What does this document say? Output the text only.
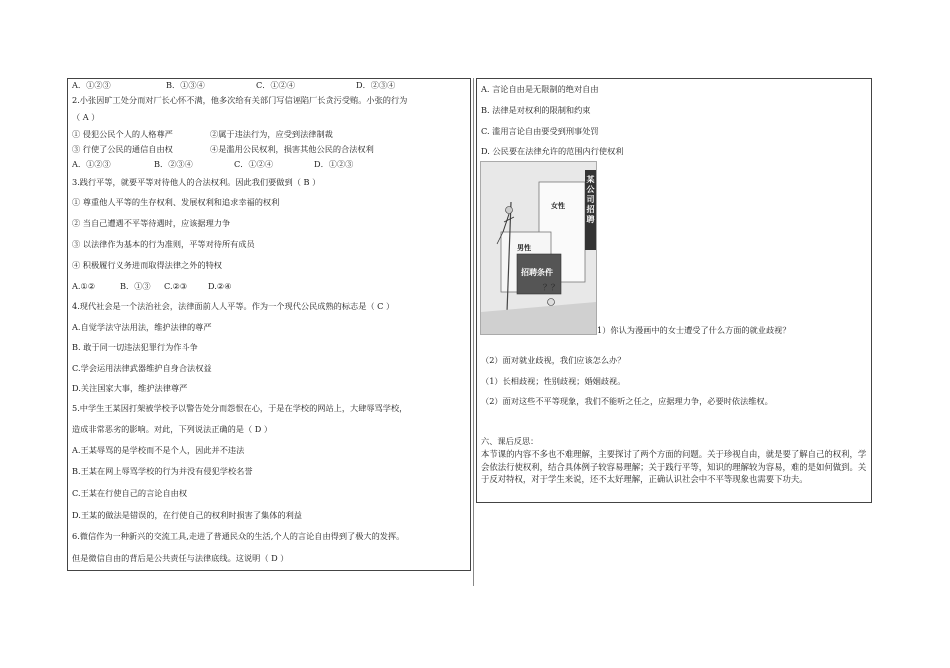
A．①②③	B．①③④	C．①②④	D．②③④
2.小张因旷工处分而对厂长心怀不满，他多次给有关部门写信诬陷厂长贪污受贿。小张的行为
（ A ）
① 侵犯公民个人的人格尊严	②属于违法行为，应受到法律制裁
③ 行使了公民的通信自由权	④是滥用公民权利，损害其他公民的合法权利
A．①②③	B．②③④	C．①②④	D．①②③
3.践行平等，就要平等对待他人的合法权利。因此我们要做到（ B ）
① 尊重他人平等的生存权利、发展权利和追求幸福的权利
② 当自己遭遇不平等待遇时，应该据理力争
③ 以法律作为基本的行为准则，平等对待所有成员
④ 积极履行义务进而取得法律之外的特权
A.①②	B．①③ C.②③	D.②④
4.现代社会是一个法治社会，法律面前人人平等。作为一个现代公民成熟的标志是（ C ）
A.自觉学法守法用法，维护法律的尊严
B. 敢于同一切违法犯罪行为作斗争
C.学会运用法律武器维护自身合法权益
D.关注国家大事，维护法律尊严
5.中学生王某因打架被学校予以警告处分而怨恨在心，于是在学校的网站上，大肆辱骂学校，
造成非常恶劣的影响。对此，下列说法正确的是（ D ）
A.王某辱骂的是学校而不是个人，因此并不违法
B.王某在网上辱骂学校的行为并没有侵犯学校名誉
C.王某在行使自己的言论自由权
D.王某的做法是错误的，在行使自己的权利时损害了集体的利益
6.微信作为一种新兴的交流工具,走进了普通民众的生活,个人的言论自由得到了极大的发挥。
但是微信自由的背后是公共责任与法律底线。这说明（ D ）
A. 言论自由是无限制的绝对自由
B. 法律是对权利的限制和约束
C. 滥用言论自由要受到刑事处罚
D. 公民要在法律允许的范围内行使权利
某公司招聘
女性
男性
招聘条件
？？
1）你认为漫画中的女士遭受了什么方面的就业歧视？
（2）面对就业歧视，我们应该怎么办？
（1）长相歧视；性别歧视；婚姻歧视。
（2）面对这些不平等现象，我们不能听之任之，应据理力争，必要时依法维权。
六、课后反思：
本节课的内容不多也不难理解，主要探讨了两个方面的问题。关于珍视自由，就是要了解自己的权利，学会依法行使权利，结合具体例子较容易理解；关于践行平等，知识的理解较为容易，难的是如何做到。关于反对特权，对于学生来说，还不太好理解，正确认识社会中不平等现象也需要下功夫。
